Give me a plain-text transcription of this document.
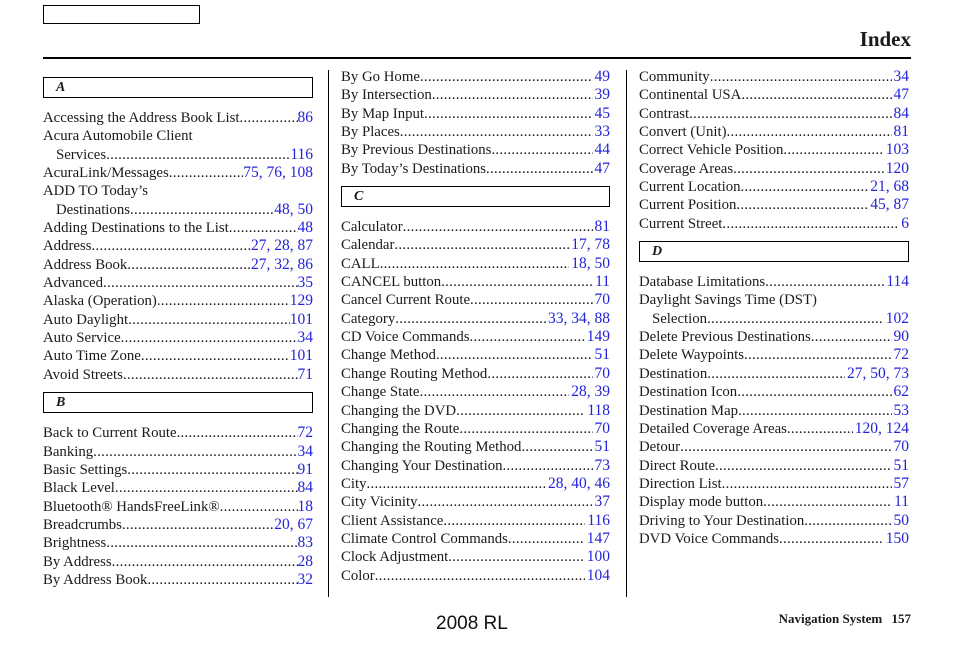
Index
A
Accessing the Address Book List .....	86
Acura Automobile Client
Services .....	116
AcuraLink/Messages .....	75, 76, 108
ADD TO Today’s
Destinations .....	48, 50
Adding Destinations to the List .....	48
Address .....	27, 28, 87
Address Book .....	27, 32, 86
Advanced .....	35
Alaska (Operation) .....	129
Auto Daylight .....	101
Auto Service .....	34
Auto Time Zone .....	101
Avoid Streets .....	71
B
Back to Current Route .....	72
Banking .....	34
Basic Settings .....	91
Black Level .....	84
Bluetooth® HandsFreeLink® .....	18
Breadcrumbs .....	20, 67
Brightness .....	83
By Address .....	28
By Address Book .....	32
By Go Home .....	49
By Intersection .....	39
By Map Input .....	45
By Places .....	33
By Previous Destinations .....	44
By Today’s Destinations .....	47
C
Calculator .....	81
Calendar .....	17, 78
CALL .....	18, 50
CANCEL button .....	11
Cancel Current Route .....	70
Category .....	33, 34, 88
CD Voice Commands .....	149
Change Method .....	51
Change Routing Method .....	70
Change State .....	28, 39
Changing the DVD .....	118
Changing the Route .....	70
Changing the Routing Method .....	51
Changing Your Destination .....	73
City .....	28, 40, 46
City Vicinity .....	37
Client Assistance .....	116
Climate Control Commands .....	147
Clock Adjustment .....	100
Color .....	104
Community .....	34
Continental USA .....	47
Contrast .....	84
Convert (Unit) .....	81
Correct Vehicle Position .....	103
Coverage Areas .....	120
Current Location .....	21, 68
Current Position .....	45, 87
Current Street .....	6
D
Database Limitations .....	114
Daylight Savings Time (DST)
Selection .....	102
Delete Previous Destinations .....	90
Delete Waypoints .....	72
Destination .....	27, 50, 73
Destination Icon .....	62
Destination Map .....	53
Detailed Coverage Areas .....	120, 124
Detour .....	70
Direct Route .....	51
Direction List .....	57
Display mode button .....	11
Driving to Your Destination .....	50
DVD Voice Commands .....	150
2008 RL	Navigation System 157
